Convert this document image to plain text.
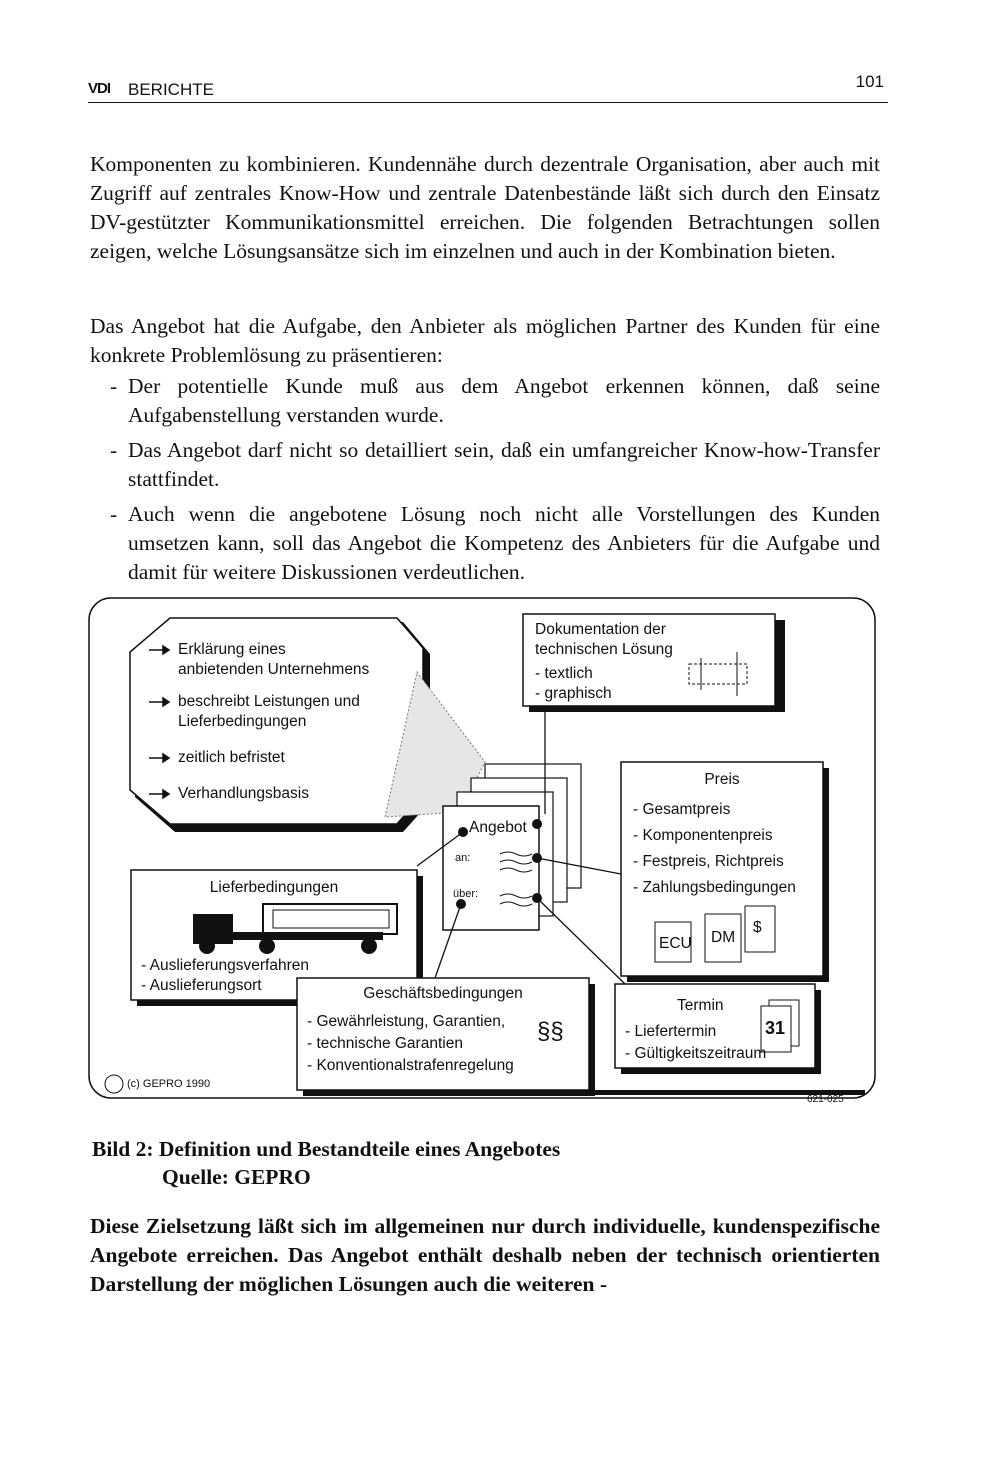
VDI BERICHTE	101

Komponenten zu kombinieren. Kundennähe durch dezentrale Organisation, aber auch mit Zugriff auf zentrales Know-How und zentrale Datenbestände läßt sich durch den Einsatz DV-gestützter Kommunikationsmittel erreichen. Die folgenden Betrachtungen sollen zeigen, welche Lösungsansätze sich im einzelnen und auch in der Kombination bieten.

Das Angebot hat die Aufgabe, den Anbieter als möglichen Partner des Kunden für eine konkrete Problemlösung zu präsentieren:

- Der potentielle Kunde muß aus dem Angebot erkennen können, daß seine Aufgabenstellung verstanden wurde.
- Das Angebot darf nicht so detailliert sein, daß ein umfangreicher Know-how-Transfer stattfindet.
- Auch wenn die angebotene Lösung noch nicht alle Vorstellungen des Kunden umsetzen kann, soll das Angebot die Kompetenz des Anbieters für die Aufgabe und damit für weitere Diskussionen verdeutlichen.
Erklärung eines
anbietenden Unternehmens
beschreibt Leistungen und
Lieferbedingungen
zeitlich befristet
Verhandlungsbasis
Dokumentation der
technischen Lösung
- textlich
- graphisch
Angebot
an:
über:
Preis
- Gesamtpreis
- Komponentenpreis
- Festpreis, Richtpreis
- Zahlungsbedingungen
ECU DM
$
Lieferbedingungen
- Auslieferungsverfahren
- Auslieferungsort	Geschäftsbedingungen
- Gewährleistung, Garantien,
- technische Garantien
- Konventionalstrafenregelung
§§
Termin
- Liefertermin
- Gültigkeitszeitraum
31
(c) GEPRO 1990
621-025
Bild 2: Definition und Bestandteile eines Angebotes
Quelle: GEPRO

Diese Zielsetzung läßt sich im allgemeinen nur durch individuelle, kundenspezifische Angebote erreichen. Das Angebot enthält deshalb neben der technisch orientierten Darstellung der möglichen Lösungen auch die weiteren -
